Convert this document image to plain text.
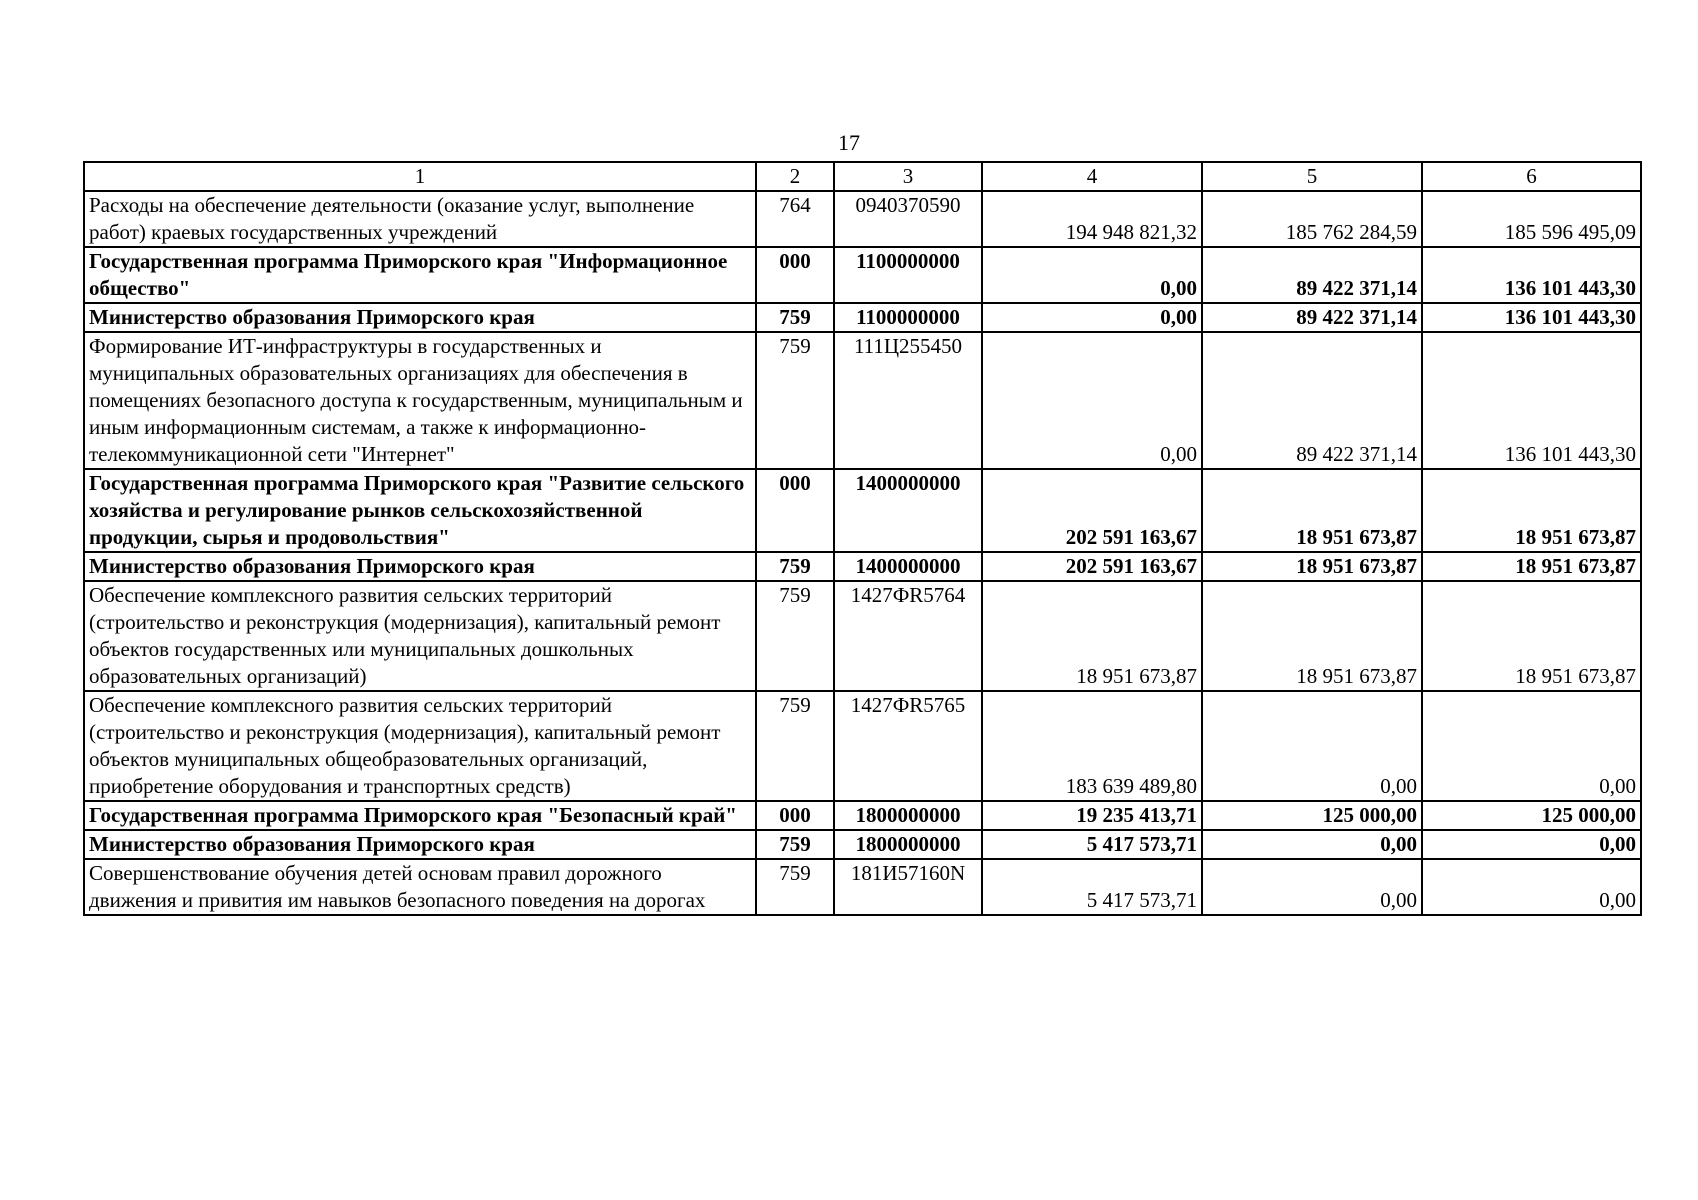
17
1	2	3	4	5	6
Расходы на обеспечение деятельности (оказание услуг, выполнение работ) краевых государственных учреждений	764	0940370590	194 948 821,32	185 762 284,59	185 596 495,09
Государственная программа Приморского края "Информационное общество"	000	1100000000	0,00	89 422 371,14	136 101 443,30
Министерство образования Приморского края	759	1100000000	0,00	89 422 371,14	136 101 443,30
Формирование ИТ-инфраструктуры в государственных и муниципальных образовательных организациях для обеспечения в помещениях безопасного доступа к государственным, муниципальным и иным информационным системам, а также к информационно-телекоммуникационной сети "Интернет"	759	111Ц255450	0,00	89 422 371,14	136 101 443,30
Государственная программа Приморского края "Развитие сельского хозяйства и регулирование рынков сельскохозяйственной продукции, сырья и продовольствия"	000	1400000000	202 591 163,67	18 951 673,87	18 951 673,87
Министерство образования Приморского края	759	1400000000	202 591 163,67	18 951 673,87	18 951 673,87
Обеспечение комплексного развития сельских территорий (строительство и реконструкция (модернизация), капитальный ремонт объектов государственных или муниципальных дошкольных образовательных организаций)	759	1427ФR5764	18 951 673,87	18 951 673,87	18 951 673,87
Обеспечение комплексного развития сельских территорий (строительство и реконструкция (модернизация), капитальный ремонт объектов муниципальных общеобразовательных организаций, приобретение оборудования и транспортных средств)	759	1427ФR5765	183 639 489,80	0,00	0,00
Государственная программа Приморского края "Безопасный край"	000	1800000000	19 235 413,71	125 000,00	125 000,00
Министерство образования Приморского края	759	1800000000	5 417 573,71	0,00	0,00
Совершенствование обучения детей основам правил дорожного движения и привития им навыков безопасного поведения на дорогах	759	181И57160N	5 417 573,71	0,00	0,00
